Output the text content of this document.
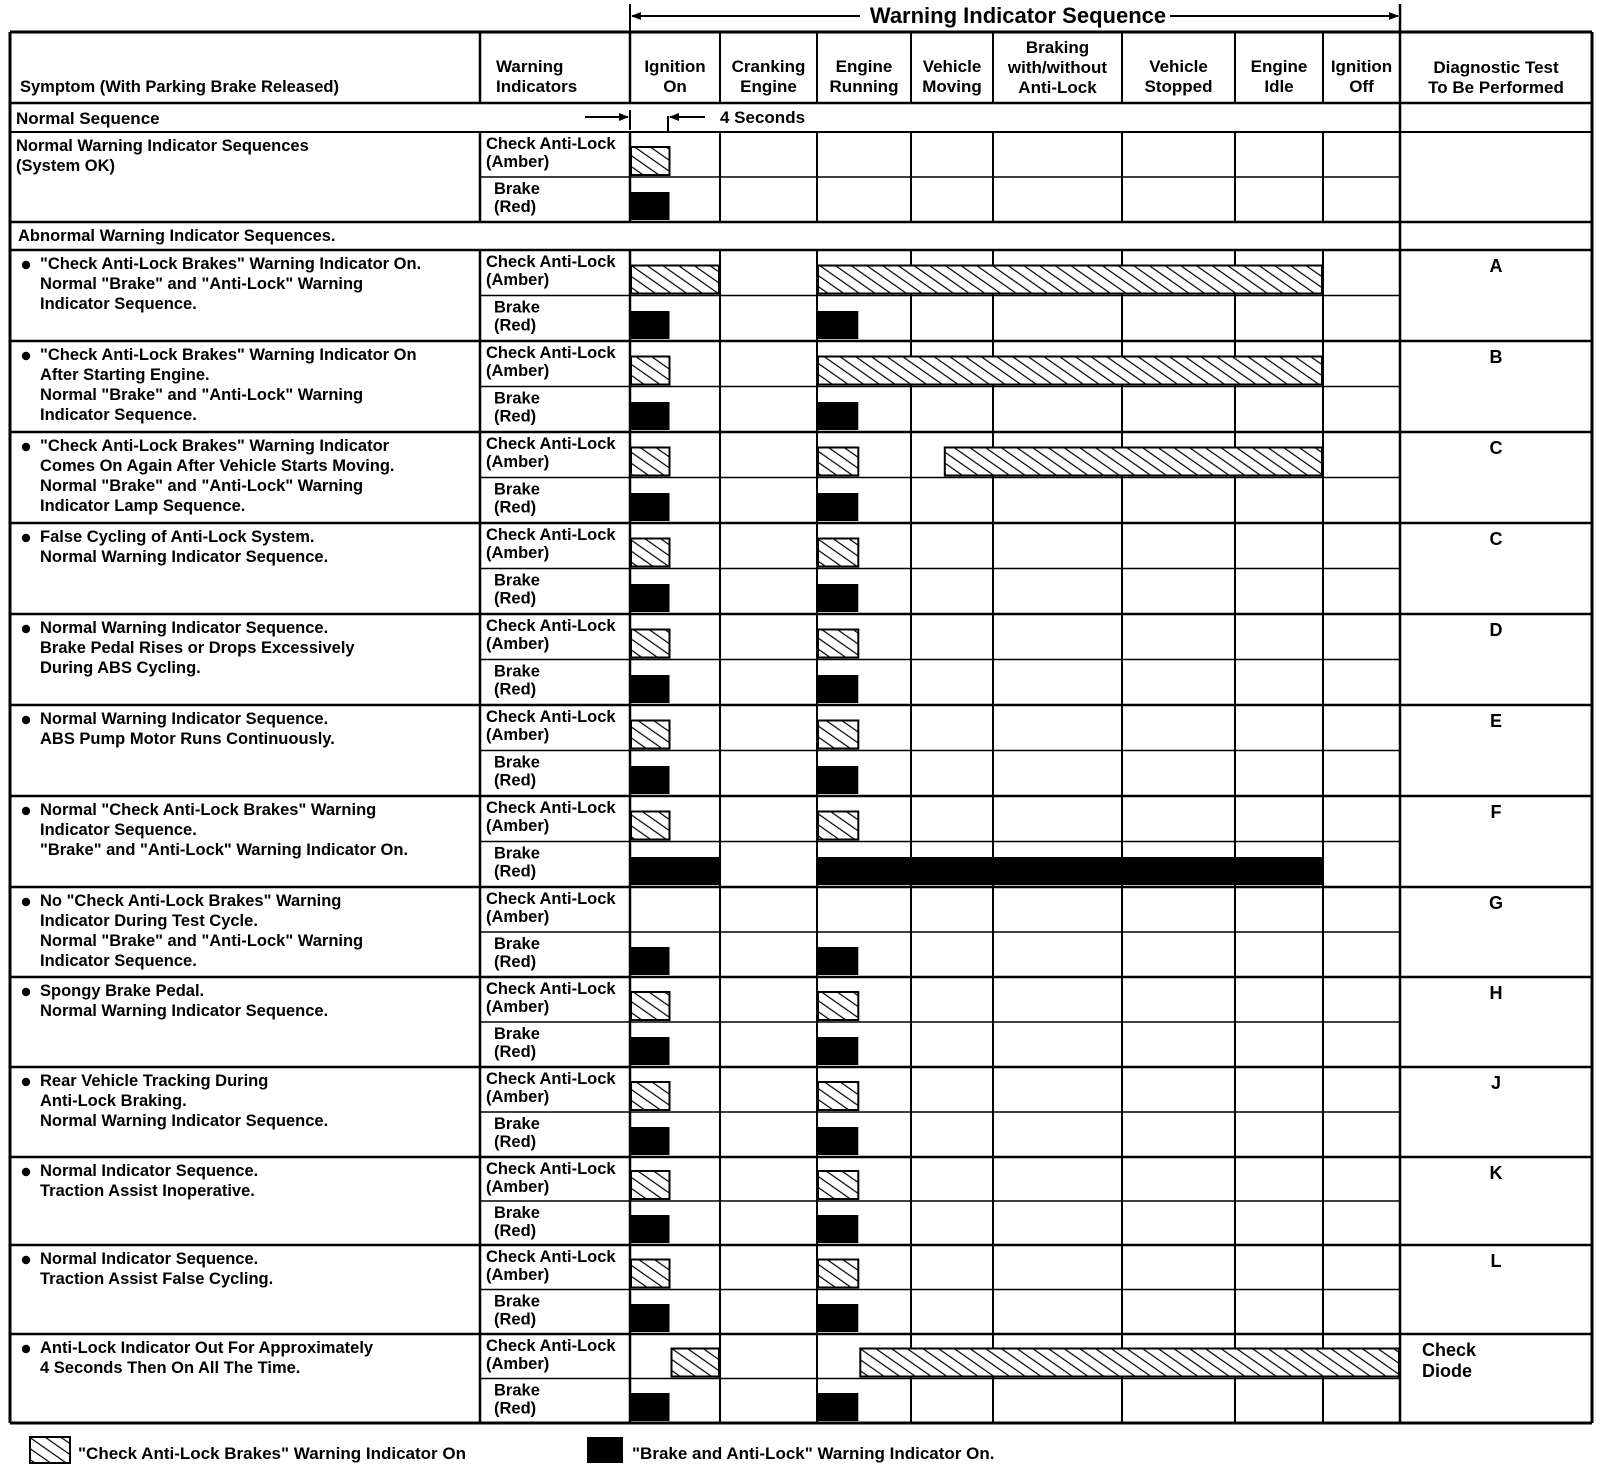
Warning Indicator Sequence
Symptom (With Parking Brake Released)
Warning
Indicators
Ignition
On
Cranking
Engine
Engine
Running
Vehicle
Moving
Braking
with/without
Anti-Lock
Vehicle
Stopped
Engine
Idle
Ignition
Off
Diagnostic Test
To Be Performed
Normal Sequence	4 Seconds
Abnormal Warning Indicator Sequences.
Normal Warning Indicator Sequences
(System OK)
Check Anti-Lock
(Amber)
Brake
(Red)
"Check Anti-Lock Brakes" Warning Indicator On.
Normal "Brake" and "Anti-Lock" Warning
Indicator Sequence.
Check Anti-Lock
(Amber)
Brake
(Red)
A
"Check Anti-Lock Brakes" Warning Indicator On
After Starting Engine.
Normal "Brake" and "Anti-Lock" Warning
Indicator Sequence.
Check Anti-Lock
(Amber)
Brake
(Red)
B
"Check Anti-Lock Brakes" Warning Indicator
Comes On Again After Vehicle Starts Moving.
Normal "Brake" and "Anti-Lock" Warning
Indicator Lamp Sequence.
Check Anti-Lock
(Amber)
Brake
(Red)
C
False Cycling of Anti-Lock System.
Normal Warning Indicator Sequence.
Check Anti-Lock
(Amber)
Brake
(Red)
C
Normal Warning Indicator Sequence.
Brake Pedal Rises or Drops Excessively
During ABS Cycling.
Check Anti-Lock
(Amber)
Brake
(Red)
D
Normal Warning Indicator Sequence.
ABS Pump Motor Runs Continuously.
Check Anti-Lock
(Amber)
Brake
(Red)
E
Normal "Check Anti-Lock Brakes" Warning
Indicator Sequence.
"Brake" and "Anti-Lock" Warning Indicator On.
Check Anti-Lock
(Amber)
Brake
(Red)
F
No "Check Anti-Lock Brakes" Warning
Indicator During Test Cycle.
Normal "Brake" and "Anti-Lock" Warning
Indicator Sequence.
Check Anti-Lock
(Amber)
Brake
(Red)
G
Spongy Brake Pedal.
Normal Warning Indicator Sequence.
Check Anti-Lock
(Amber)
Brake
(Red)
H
Rear Vehicle Tracking During
Anti-Lock Braking.
Normal Warning Indicator Sequence.
Check Anti-Lock
(Amber)
Brake
(Red)
J
Normal Indicator Sequence.
Traction Assist Inoperative.
Check Anti-Lock
(Amber)
Brake
(Red)
K
Normal Indicator Sequence.
Traction Assist False Cycling.
Check Anti-Lock
(Amber)
Brake
(Red)
L
Anti-Lock Indicator Out For Approximately
4 Seconds Then On All The Time.
Check Anti-Lock
(Amber)
Brake
(Red)
Check
Diode
"Check Anti-Lock Brakes" Warning Indicator On	"Brake and Anti-Lock" Warning Indicator On.
